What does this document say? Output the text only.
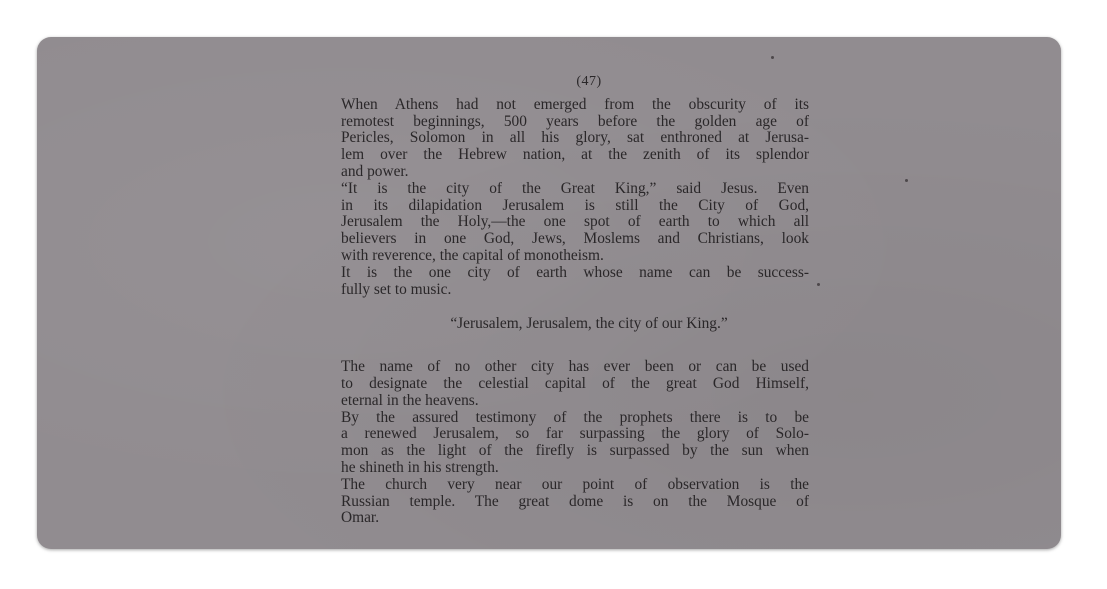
(47)
When Athens had not emerged from the obscurity of its
remotest beginnings, 500 years before the golden age of
Pericles, Solomon in all his glory, sat enthroned at Jerusa-
lem over the Hebrew nation, at the zenith of its splendor
and power.
“It is the city of the Great King,” said Jesus. Even
in its dilapidation Jerusalem is still the City of God,
Jerusalem the Holy,—the one spot of earth to which all
believers in one God, Jews, Moslems and Christians, look
with reverence, the capital of monotheism.
It is the one city of earth whose name can be success-
fully set to music.
“Jerusalem, Jerusalem, the city of our King.”
The name of no other city has ever been or can be used
to designate the celestial capital of the great God Himself,
eternal in the heavens.
By the assured testimony of the prophets there is to be
a renewed Jerusalem, so far surpassing the glory of Solo-
mon as the light of the firefly is surpassed by the sun when
he shineth in his strength.
The church very near our point of observation is the
Russian temple. The great dome is on the Mosque of
Omar.
